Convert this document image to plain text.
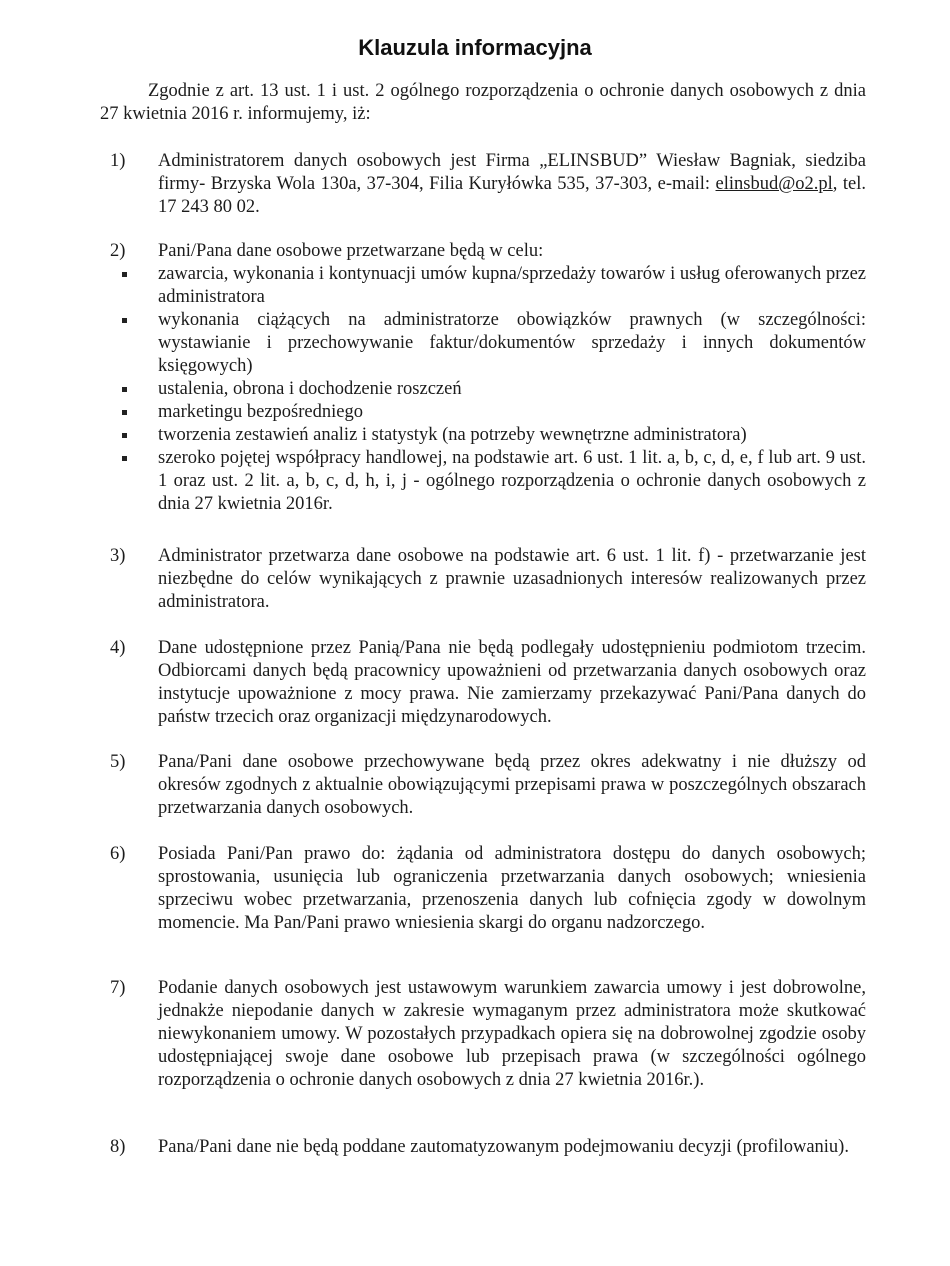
Klauzula informacyjna

Zgodnie z art. 13 ust. 1 i ust. 2 ogólnego rozporządzenia o ochronie danych osobowych z dnia 27 kwietnia 2016 r. informujemy, iż:

1)	Administratorem danych osobowych jest Firma „ELINSBUD” Wiesław Bagniak, siedziba firmy- Brzyska Wola 130a, 37-304, Filia Kuryłówka 535, 37-303, e-mail: elinsbud@o2.pl, tel. 17 243 80 02.
2)	Pani/Pana dane osobowe przetwarzane będą w celu:
zawarcia, wykonania i kontynuacji umów kupna/sprzedaży towarów i usług oferowanych przez administratora
wykonania ciążących na administratorze obowiązków prawnych (w szczególności: wystawianie i przechowywanie faktur/dokumentów sprzedaży i innych dokumentów księgowych)
ustalenia, obrona i dochodzenie roszczeń
marketingu bezpośredniego
tworzenia zestawień analiz i statystyk (na potrzeby wewnętrzne administratora)
szeroko pojętej współpracy handlowej, na podstawie art. 6 ust. 1 lit. a, b, c, d, e, f lub art. 9 ust. 1 oraz ust. 2 lit. a, b, c, d, h, i, j - ogólnego rozporządzenia o ochronie danych osobowych z dnia 27 kwietnia 2016r.
3)	Administrator przetwarza dane osobowe na podstawie art. 6 ust. 1 lit. f) - przetwarzanie jest niezbędne do celów wynikających z prawnie uzasadnionych interesów realizowanych przez administratora.
4)	Dane udostępnione przez Panią/Pana nie będą podlegały udostępnieniu podmiotom trzecim. Odbiorcami danych będą pracownicy upoważnieni od przetwarzania danych osobowych oraz instytucje upoważnione z mocy prawa. Nie zamierzamy przekazywać Pani/Pana danych do państw trzecich oraz organizacji międzynarodowych.
5)	Pana/Pani dane osobowe przechowywane będą przez okres adekwatny i nie dłuższy od okresów zgodnych z aktualnie obowiązującymi przepisami prawa w poszczególnych obszarach przetwarzania danych osobowych.
6)	Posiada Pani/Pan prawo do: żądania od administratora dostępu do danych osobowych; sprostowania, usunięcia lub ograniczenia przetwarzania danych osobowych; wniesienia sprzeciwu wobec przetwarzania, przenoszenia danych lub cofnięcia zgody w dowolnym momencie. Ma Pan/Pani prawo wniesienia skargi do organu nadzorczego.
7)	Podanie danych osobowych jest ustawowym warunkiem zawarcia umowy i jest dobrowolne, jednakże niepodanie danych w zakresie wymaganym przez administratora może skutkować niewykonaniem umowy. W pozostałych przypadkach opiera się na dobrowolnej zgodzie osoby udostępniającej swoje dane osobowe lub przepisach prawa (w szczególności ogólnego rozporządzenia o ochronie danych osobowych z dnia 27 kwietnia 2016r.).
8)	Pana/Pani dane nie będą poddane zautomatyzowanym podejmowaniu decyzji (profilowaniu).
